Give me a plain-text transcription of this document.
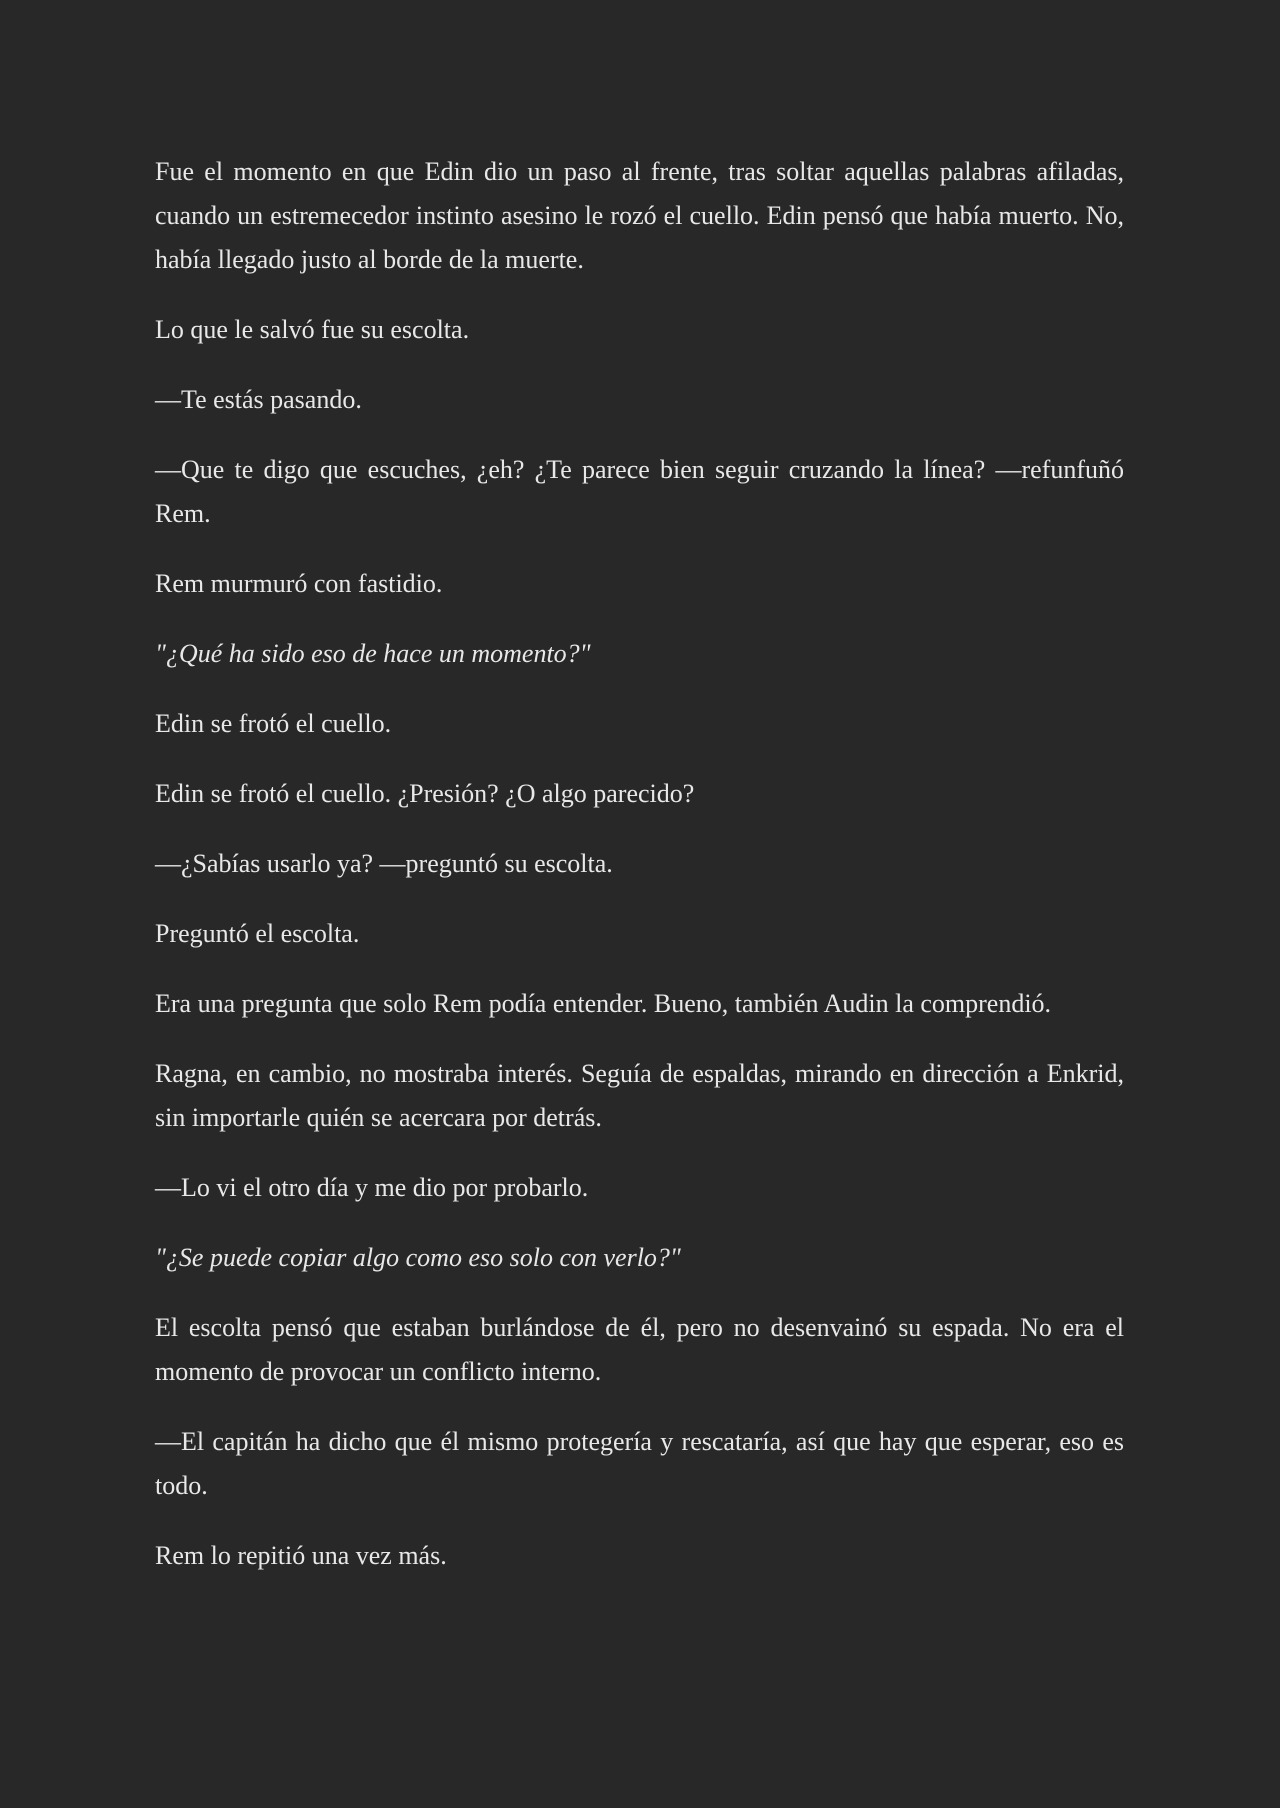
Fue el momento en que Edin dio un paso al frente, tras soltar aquellas palabras afiladas, cuando un estremecedor instinto asesino le rozó el cuello. Edin pensó que había muerto. No, había llegado justo al borde de la muerte.

Lo que le salvó fue su escolta.

—Te estás pasando.

—Que te digo que escuches, ¿eh? ¿Te parece bien seguir cruzando la línea? —refunfuñó Rem.

Rem murmuró con fastidio.

"¿Qué ha sido eso de hace un momento?"

Edin se frotó el cuello.

Edin se frotó el cuello. ¿Presión? ¿O algo parecido?

—¿Sabías usarlo ya? —preguntó su escolta.

Preguntó el escolta.

Era una pregunta que solo Rem podía entender. Bueno, también Audin la comprendió.

Ragna, en cambio, no mostraba interés. Seguía de espaldas, mirando en dirección a Enkrid, sin importarle quién se acercara por detrás.

—Lo vi el otro día y me dio por probarlo.

"¿Se puede copiar algo como eso solo con verlo?"

El escolta pensó que estaban burlándose de él, pero no desenvainó su espada. No era el momento de provocar un conflicto interno.

—El capitán ha dicho que él mismo protegería y rescataría, así que hay que esperar, eso es todo.

Rem lo repitió una vez más.
